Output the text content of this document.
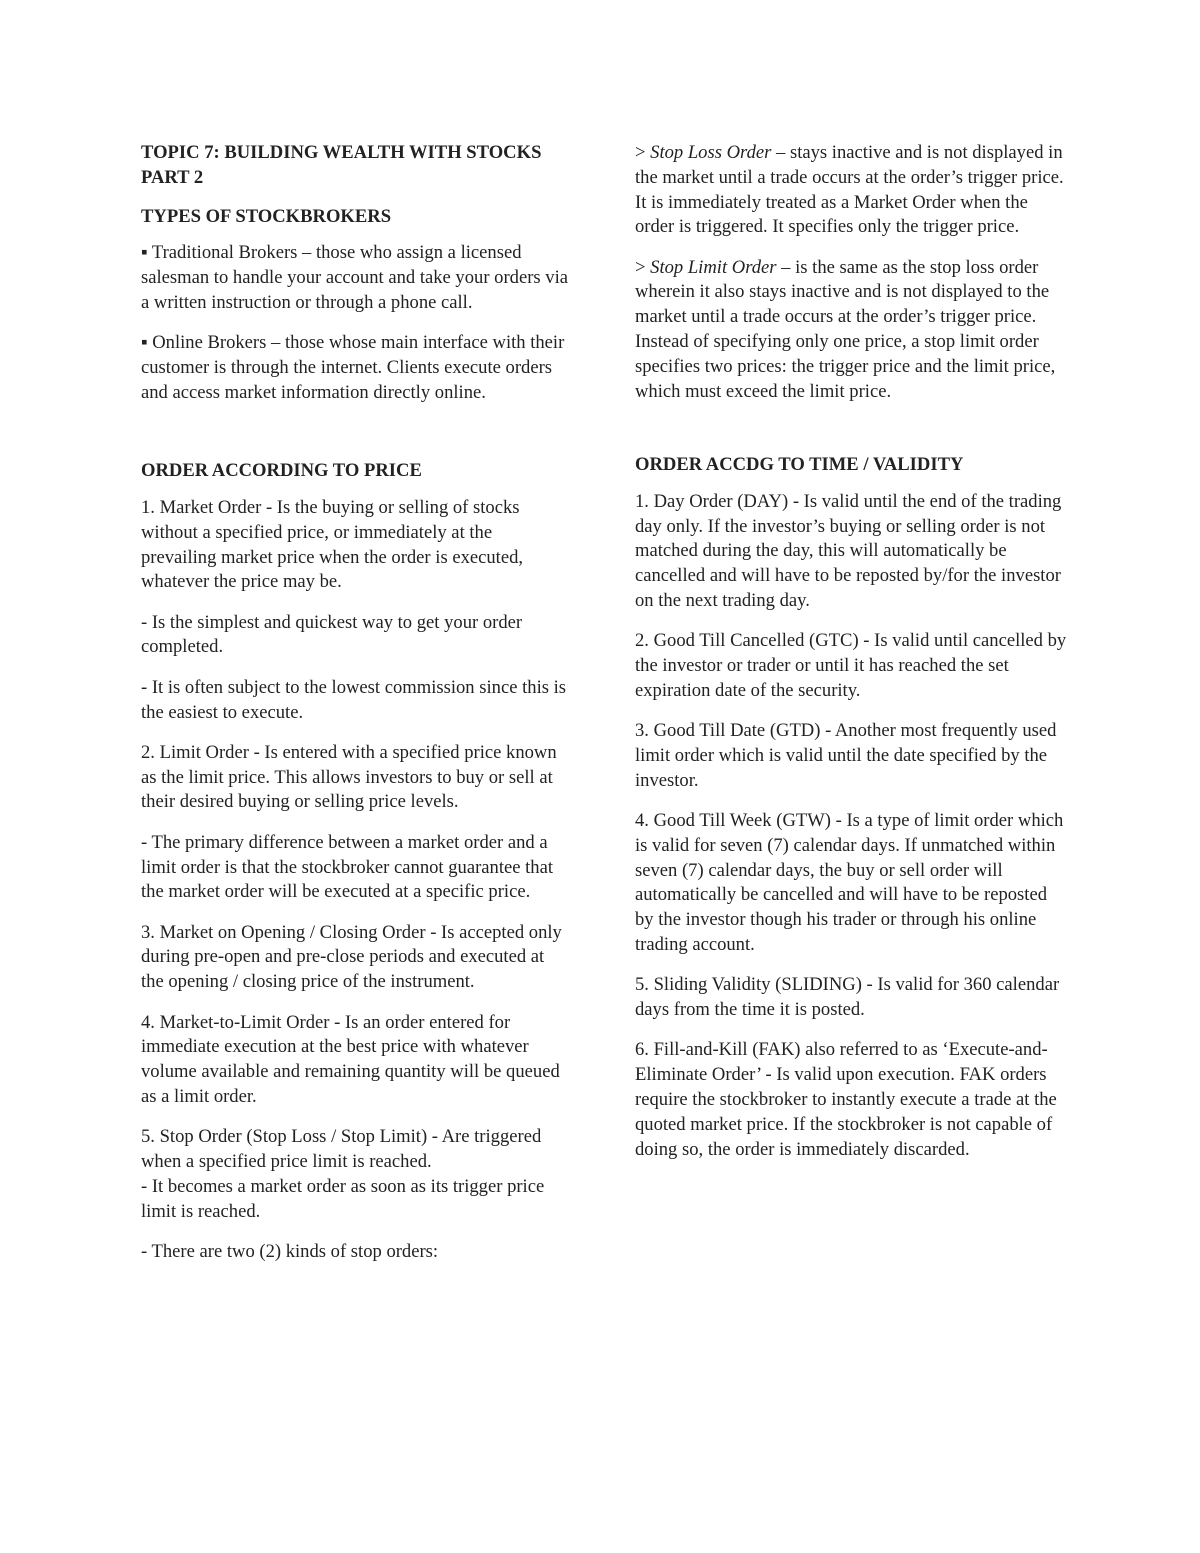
TOPIC 7: BUILDING WEALTH WITH STOCKS PART 2

TYPES OF STOCKBROKERS

▪ Traditional Brokers – those who assign a licensed salesman to handle your account and take your orders via a written instruction or through a phone call.

▪ Online Brokers – those whose main interface with their customer is through the internet. Clients execute orders and access market information directly online.

ORDER ACCORDING TO PRICE

1. Market Order - Is the buying or selling of stocks without a specified price, or immediately at the prevailing market price when the order is executed, whatever the price may be.

- Is the simplest and quickest way to get your order completed.

- It is often subject to the lowest commission since this is the easiest to execute.

2. Limit Order - Is entered with a specified price known as the limit price. This allows investors to buy or sell at their desired buying or selling price levels.

- The primary difference between a market order and a limit order is that the stockbroker cannot guarantee that the market order will be executed at a specific price.

3. Market on Opening / Closing Order - Is accepted only during pre-open and pre-close periods and executed at the opening / closing price of the instrument.

4. Market-to-Limit Order - Is an order entered for immediate execution at the best price with whatever volume available and remaining quantity will be queued as a limit order.

5. Stop Order (Stop Loss / Stop Limit) - Are triggered when a specified price limit is reached.

- It becomes a market order as soon as its trigger price limit is reached.

- There are two (2) kinds of stop orders:

> Stop Loss Order – stays inactive and is not displayed in the market until a trade occurs at the order’s trigger price. It is immediately treated as a Market Order when the order is triggered. It specifies only the trigger price.

> Stop Limit Order – is the same as the stop loss order wherein it also stays inactive and is not displayed to the market until a trade occurs at the order’s trigger price. Instead of specifying only one price, a stop limit order specifies two prices: the trigger price and the limit price, which must exceed the limit price.

ORDER ACCDG TO TIME / VALIDITY

1. Day Order (DAY) - Is valid until the end of the trading day only. If the investor’s buying or selling order is not matched during the day, this will automatically be cancelled and will have to be reposted by/for the investor on the next trading day.

2. Good Till Cancelled (GTC) - Is valid until cancelled by the investor or trader or until it has reached the set expiration date of the security.

3. Good Till Date (GTD) - Another most frequently used limit order which is valid until the date specified by the investor.

4. Good Till Week (GTW) - Is a type of limit order which is valid for seven (7) calendar days. If unmatched within seven (7) calendar days, the buy or sell order will automatically be cancelled and will have to be reposted by the investor though his trader or through his online trading account.

5. Sliding Validity (SLIDING) - Is valid for 360 calendar days from the time it is posted.

6. Fill-and-Kill (FAK) also referred to as ‘Execute-and-Eliminate Order’ - Is valid upon execution. FAK orders require the stockbroker to instantly execute a trade at the quoted market price. If the stockbroker is not capable of doing so, the order is immediately discarded.
